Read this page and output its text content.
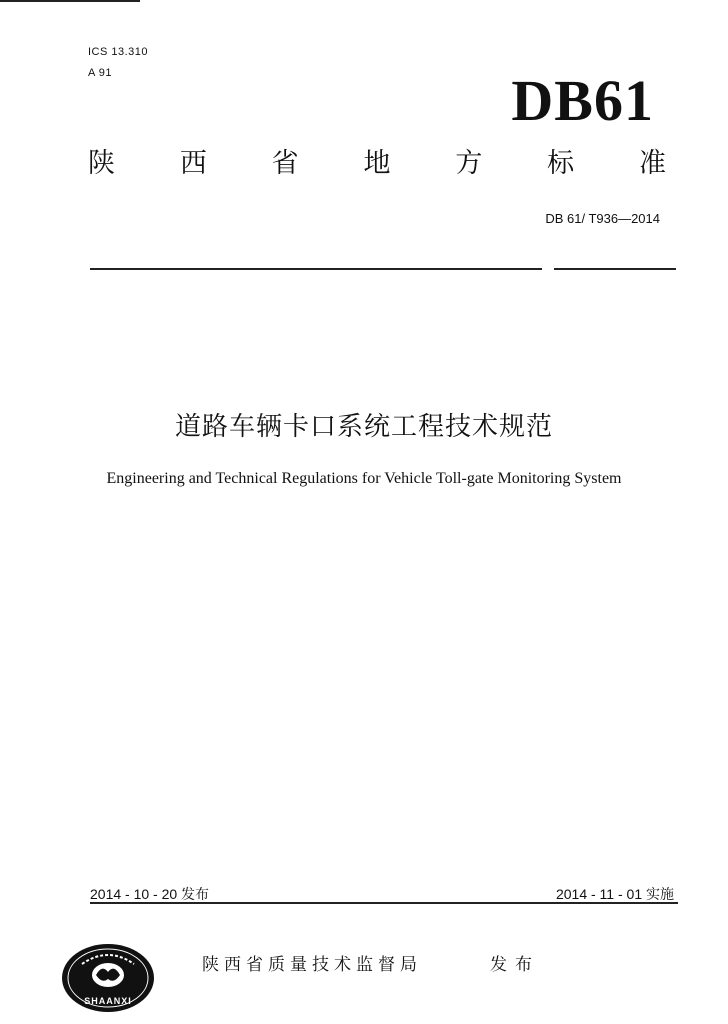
ICS 13.310
A 91	DB61
陕 西 省 地 方 标 准
DB 61/ T936—2014
道路车辆卡口系统工程技术规范
Engineering and Technical Regulations for Vehicle Toll-gate Monitoring System
2014 - 10 - 20 发布	2014 - 11 - 01 实施
SHAANXI
陕西省质量技术监督局	发布
